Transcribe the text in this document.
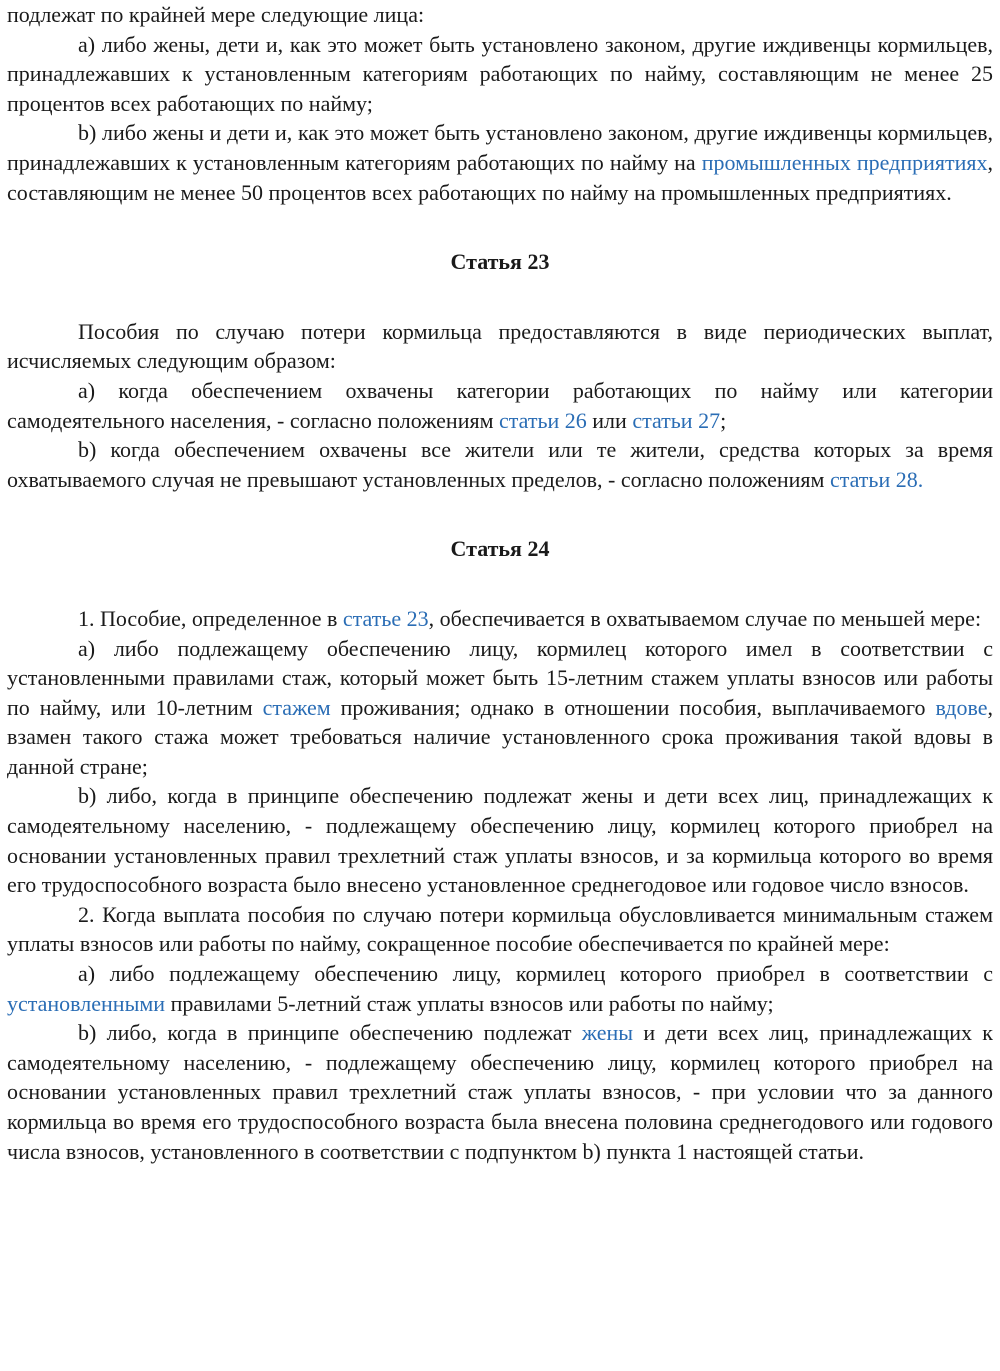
подлежат по крайней мере следующие лица:

a) либо жены, дети и, как это может быть установлено законом, другие иждивенцы кормильцев, принадлежавших к установленным категориям работающих по найму, составляющим не менее 25 процентов всех работающих по найму;

b) либо жены и дети и, как это может быть установлено законом, другие иждивенцы кормильцев, принадлежавших к установленным категориям работающих по найму на промышленных предприятиях, составляющим не менее 50 процентов всех работающих по найму на промышленных предприятиях.

Статья 23

Пособия по случаю потери кормильца предоставляются в виде периодических выплат, исчисляемых следующим образом:

a) когда обеспечением охвачены категории работающих по найму или категории самодеятельного населения, - согласно положениям статьи 26 или статьи 27;

b) когда обеспечением охвачены все жители или те жители, средства которых за время охватываемого случая не превышают установленных пределов, - согласно положениям статьи 28.

Статья 24

1. Пособие, определенное в статье 23, обеспечивается в охватываемом случае по меньшей мере:

a) либо подлежащему обеспечению лицу, кормилец которого имел в соответствии с установленными правилами стаж, который может быть 15-летним стажем уплаты взносов или работы по найму, или 10-летним стажем проживания; однако в отношении пособия, выплачиваемого вдове, взамен такого стажа может требоваться наличие установленного срока проживания такой вдовы в данной стране;

b) либо, когда в принципе обеспечению подлежат жены и дети всех лиц, принадлежащих к самодеятельному населению, - подлежащему обеспечению лицу, кормилец которого приобрел на основании установленных правил трехлетний стаж уплаты взносов, и за кормильца которого во время его трудоспособного возраста было внесено установленное среднегодовое или годовое число взносов.

2. Когда выплата пособия по случаю потери кормильца обусловливается минимальным стажем уплаты взносов или работы по найму, сокращенное пособие обеспечивается по крайней мере:

a) либо подлежащему обеспечению лицу, кормилец которого приобрел в соответствии с установленными правилами 5-летний стаж уплаты взносов или работы по найму;

b) либо, когда в принципе обеспечению подлежат жены и дети всех лиц, принадлежащих к самодеятельному населению, - подлежащему обеспечению лицу, кормилец которого приобрел на основании установленных правил трехлетний стаж уплаты взносов, - при условии что за данного кормильца во время его трудоспособного возраста была внесена половина среднегодового или годового числа взносов, установленного в соответствии с подпунктом b) пункта 1 настоящей статьи.
